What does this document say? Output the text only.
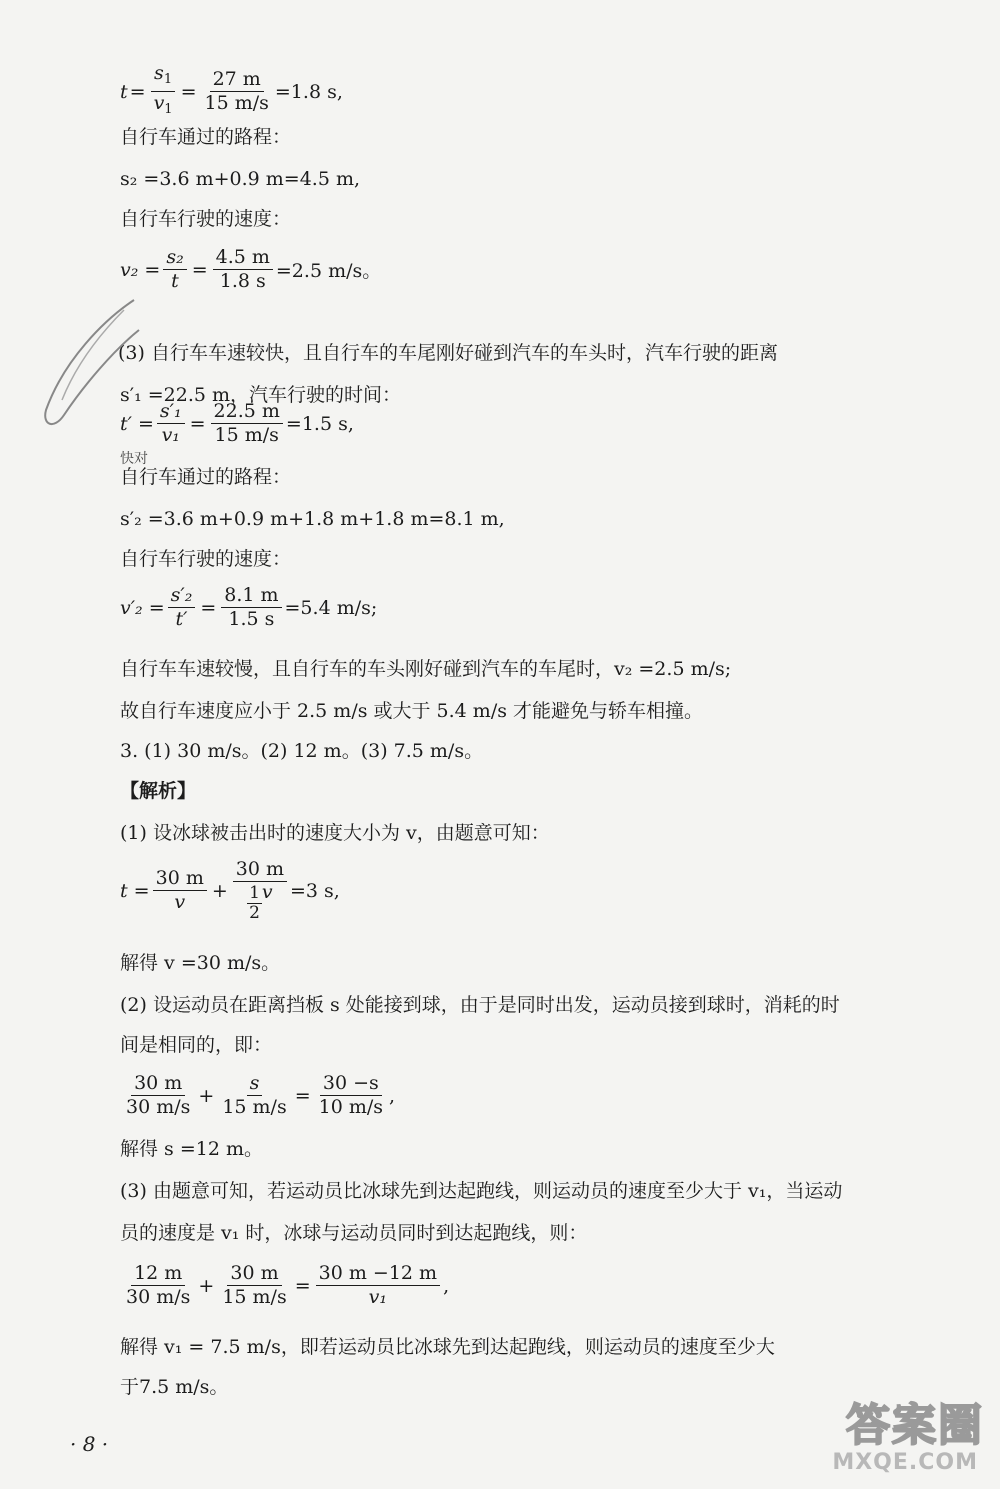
$t = \frac{s_1}{v_1} = \frac{27 m}{15 m/s} =1.8$ s,
自行车通过的路程：
s₂ =3.6 m+0.9 m=4.5 m,
自行车行驶的速度：
$v_2 = \frac{\text{s₂}}{t} = \frac{4.5 m}{1.8 s} =2.5$ m/s。
(3) 自行车车速较快，且自行车的车尾刚好碰到汽车的车头时，汽车行驶的距离
s′₁ =22.5 m，汽车行驶的时间：
$t' = \frac{\text{s′₁}}{\text{v₁}} = \frac{22.5 m}{15 m/s} =1.5$ s,
自行车通过的路程：
s′₂ =3.6 m+0.9 m+1.8 m+1.8 m=8.1 m,
自行车行驶的速度：
$v'_2 = \frac{\text{s′₂}}{t'} = \frac{8.1 m}{1.5 s} =5.4$ m/s;
自行车车速较慢，且自行车的车头刚好碰到汽车的车尾时，v₂ =2.5 m/s;
故自行车速度应小于 2.5 m/s 或大于 5.4 m/s 才能避免与轿车相撞。
3. (1) 30 m/s。(2) 12 m。(3) 7.5 m/s。
【解析】
(1) 设冰球被击出时的速度大小为 v，由题意可知：
$t = \frac{30 m}{v} + \frac{30 m}{\frac{1}{2} v} =3$ s,
解得 v =30 m/s。
(2) 设运动员在距离挡板 s 处能接到球，由于是同时出发，运动员接到球时，消耗的时
间是相同的，即：
$\frac{30 m}{30 m/s} + \frac{s}{15 m/s} = \frac{30 -s}{10 m/s}$ ,
解得 s =12 m。
(3) 由题意可知，若运动员比冰球先到达起跑线，则运动员的速度至少大于 v₁，当运动
员的速度是 v₁ 时，冰球与运动员同时到达起跑线，则：
$\frac{12 m}{30 m/s} + \frac{30 m}{15 m/s} = \frac{30 m -12 m}{\text{v₁}}$ ,
解得 v₁ = 7.5 m/s，即若运动员比冰球先到达起跑线，则运动员的速度至少大
于7.5 m/s。
快对
· 8 ·	答案圈
MXQE.COM
